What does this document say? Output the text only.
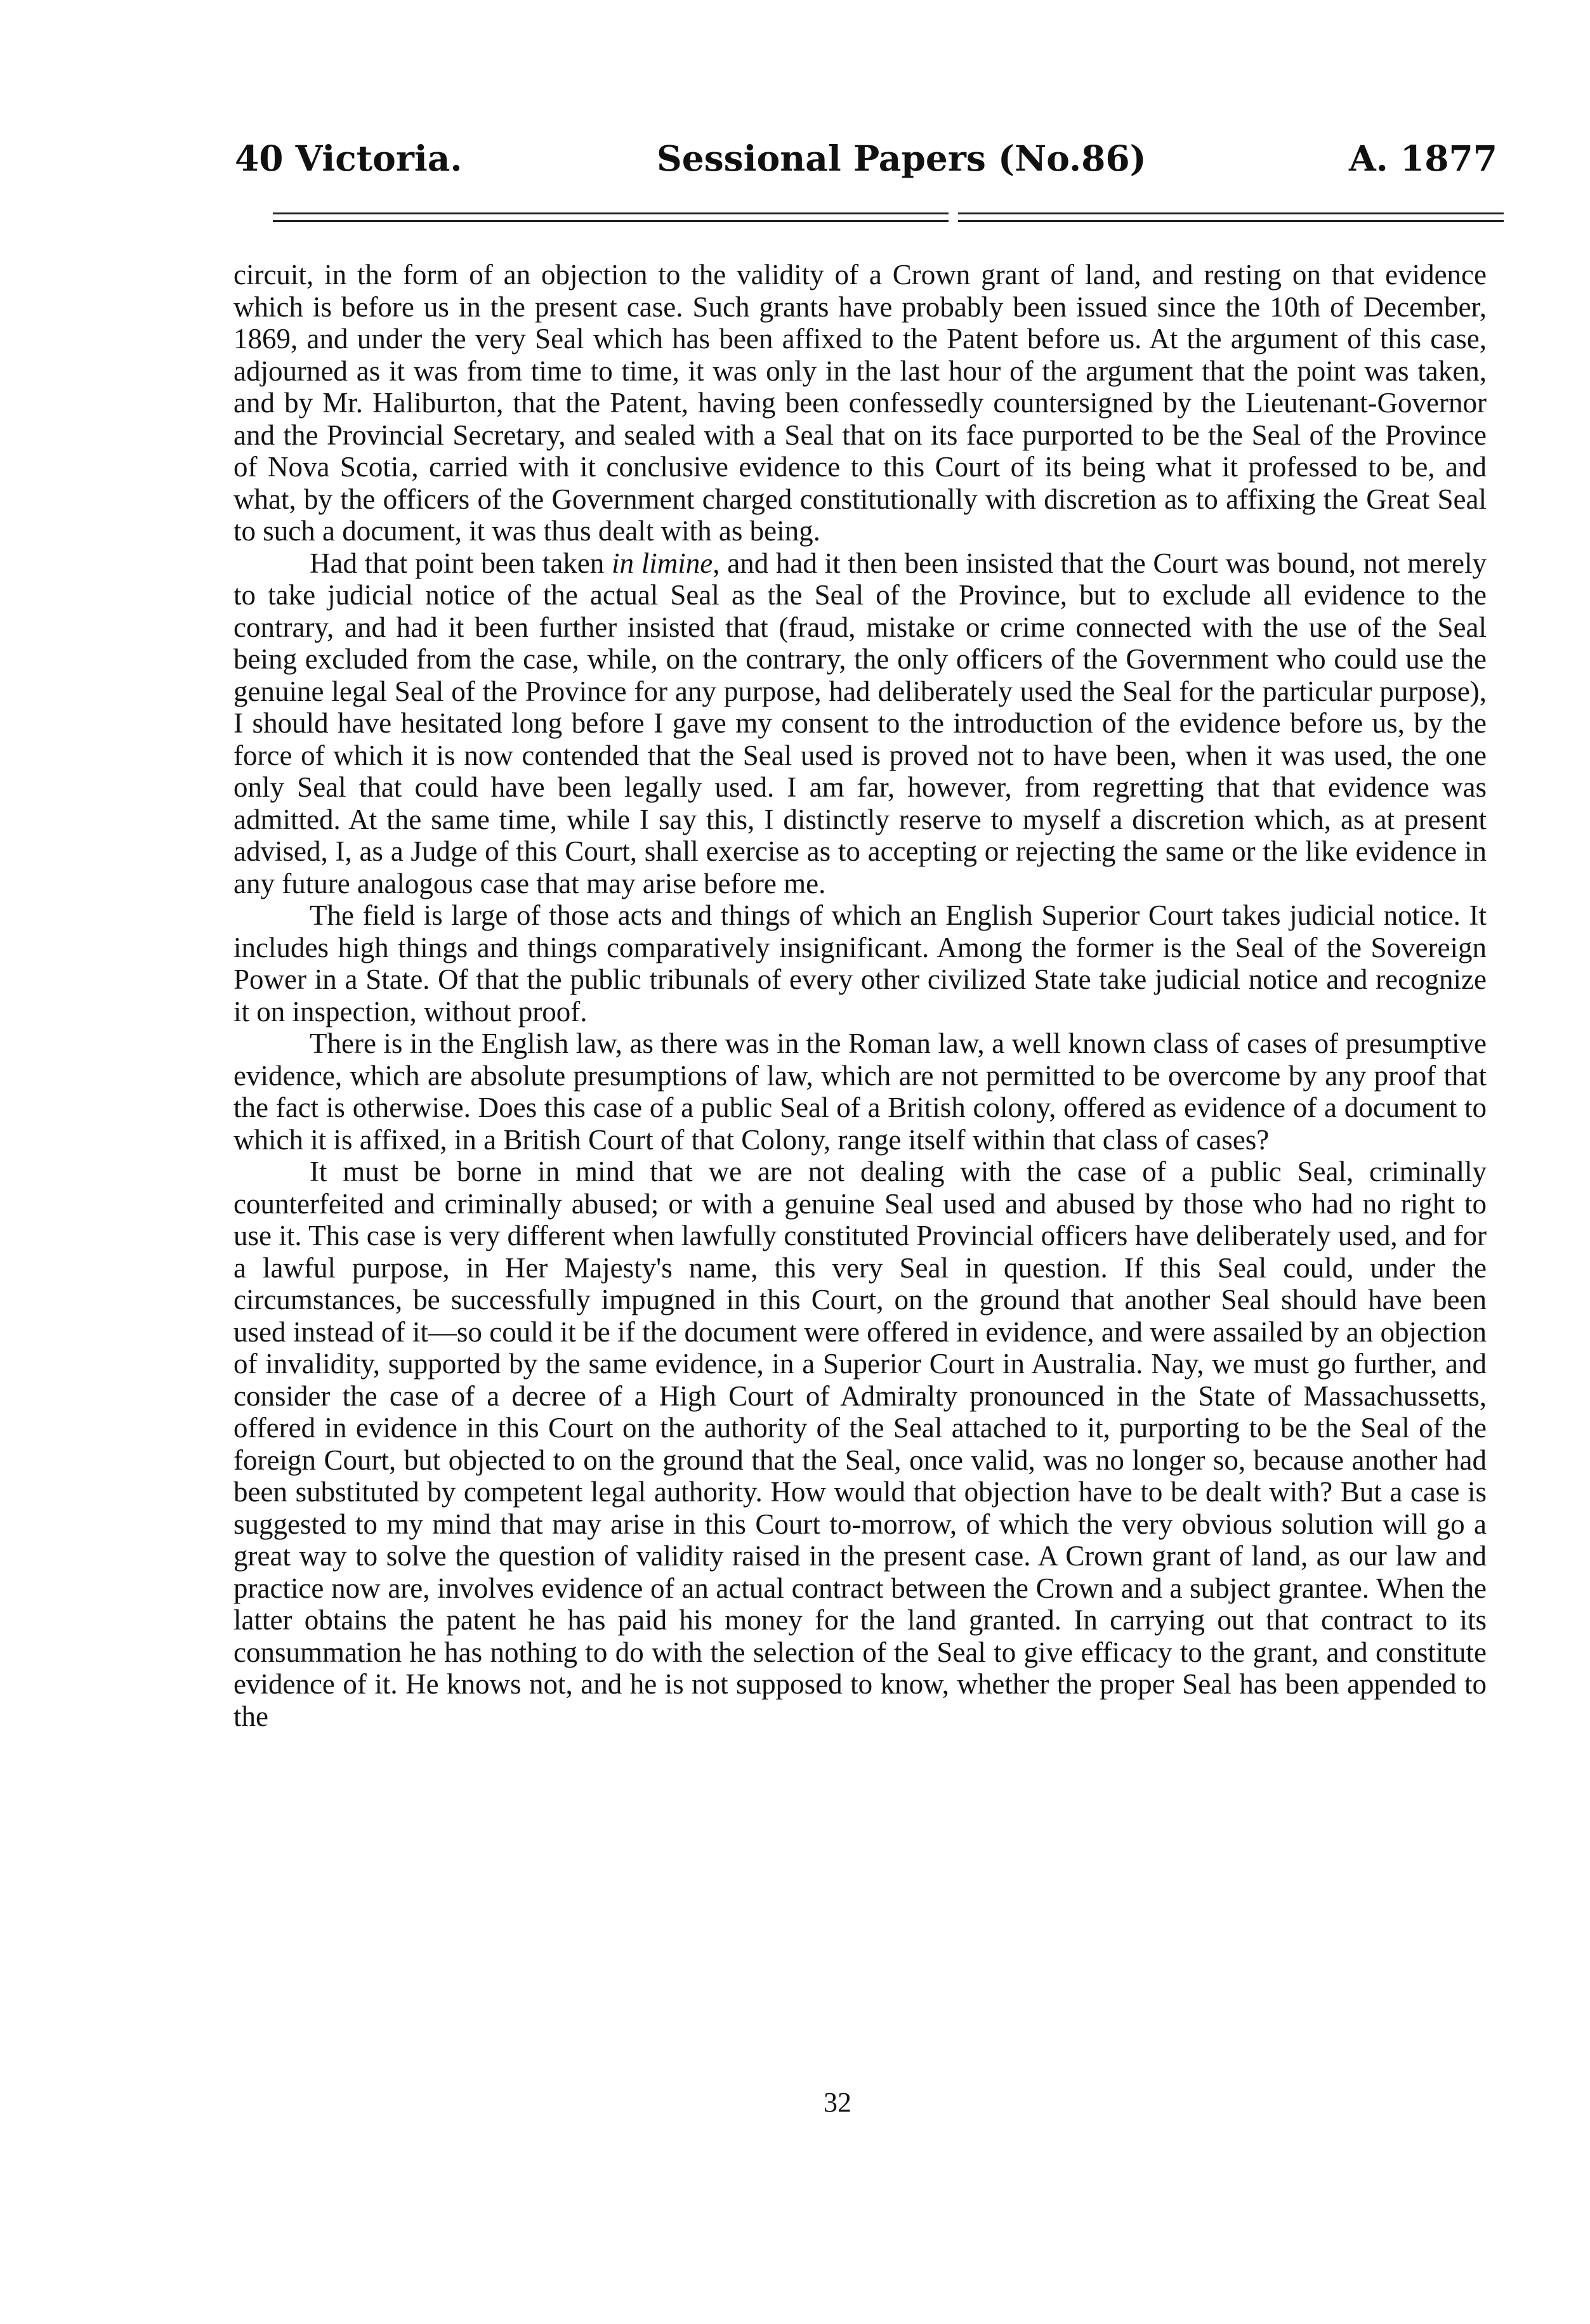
40 Victoria.	Sessional Papers (No.86)	A. 1877

circuit, in the form of an objection to the validity of a Crown grant of land, and resting on that evidence which is before us in the present case. Such grants have probably been issued since the 10th of December, 1869, and under the very Seal which has been affixed to the Patent before us. At the argument of this case, adjourned as it was from time to time, it was only in the last hour of the argument that the point was taken, and by Mr. Haliburton, that the Patent, having been confessedly countersigned by the Lieutenant-Governor and the Provincial Secretary, and sealed with a Seal that on its face purported to be the Seal of the Province of Nova Scotia, carried with it conclusive evidence to this Court of its being what it professed to be, and what, by the officers of the Government charged constitutionally with discretion as to affixing the Great Seal to such a document, it was thus dealt with as being.

Had that point been taken in limine, and had it then been insisted that the Court was bound, not merely to take judicial notice of the actual Seal as the Seal of the Province, but to exclude all evidence to the contrary, and had it been further insisted that (fraud, mistake or crime connected with the use of the Seal being excluded from the case, while, on the contrary, the only officers of the Government who could use the genuine legal Seal of the Province for any purpose, had deliberately used the Seal for the particular purpose), I should have hesitated long before I gave my consent to the introduction of the evidence before us, by the force of which it is now contended that the Seal used is proved not to have been, when it was used, the one only Seal that could have been legally used. I am far, however, from regretting that that evidence was admitted. At the same time, while I say this, I distinctly reserve to myself a discretion which, as at present advised, I, as a Judge of this Court, shall exercise as to accepting or rejecting the same or the like evidence in any future analogous case that may arise before me.

The field is large of those acts and things of which an English Superior Court takes judicial notice. It includes high things and things comparatively insignificant. Among the former is the Seal of the Sovereign Power in a State. Of that the public tribunals of every other civilized State take judicial notice and recognize it on inspection, without proof.

There is in the English law, as there was in the Roman law, a well known class of cases of presumptive evidence, which are absolute presumptions of law, which are not permitted to be overcome by any proof that the fact is otherwise. Does this case of a public Seal of a British colony, offered as evidence of a document to which it is affixed, in a British Court of that Colony, range itself within that class of cases?

It must be borne in mind that we are not dealing with the case of a public Seal, criminally counterfeited and criminally abused; or with a genuine Seal used and abused by those who had no right to use it. This case is very different when lawfully constituted Provincial officers have deliberately used, and for a lawful purpose, in Her Majesty's name, this very Seal in question. If this Seal could, under the circumstances, be successfully impugned in this Court, on the ground that another Seal should have been used instead of it—so could it be if the document were offered in evidence, and were assailed by an objection of invalidity, supported by the same evidence, in a Superior Court in Australia. Nay, we must go further, and consider the case of a decree of a High Court of Admiralty pronounced in the State of Massachussetts, offered in evidence in this Court on the authority of the Seal attached to it, purporting to be the Seal of the foreign Court, but objected to on the ground that the Seal, once valid, was no longer so, because another had been substituted by competent legal authority. How would that objection have to be dealt with? But a case is suggested to my mind that may arise in this Court to-morrow, of which the very obvious solution will go a great way to solve the question of validity raised in the present case. A Crown grant of land, as our law and practice now are, involves evidence of an actual contract between the Crown and a subject grantee. When the latter obtains the patent he has paid his money for the land granted. In carrying out that contract to its consummation he has nothing to do with the selection of the Seal to give efficacy to the grant, and constitute evidence of it. He knows not, and he is not supposed to know, whether the proper Seal has been appended to the

32
